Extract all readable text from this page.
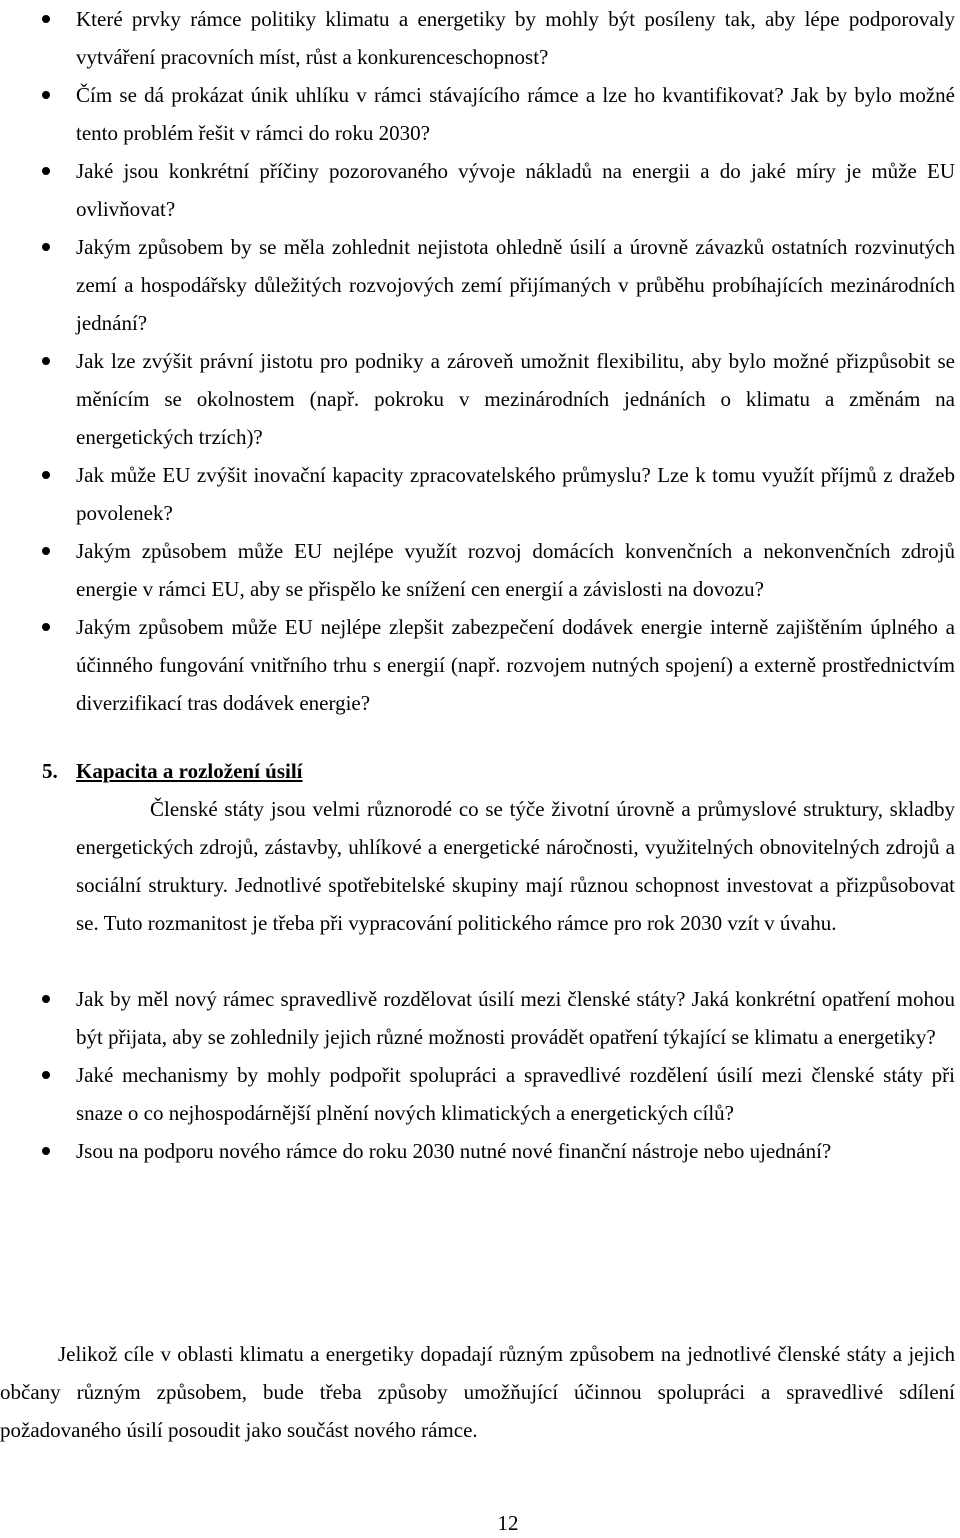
Které prvky rámce politiky klimatu a energetiky by mohly být posíleny tak, aby lépe podporovaly vytváření pracovních míst, růst a konkurenceschopnost?
Čím se dá prokázat únik uhlíku v rámci stávajícího rámce a lze ho kvantifikovat? Jak by bylo možné tento problém řešit v rámci do roku 2030?
Jaké jsou konkrétní příčiny pozorovaného vývoje nákladů na energii a do jaké míry je může EU ovlivňovat?
Jakým způsobem by se měla zohlednit nejistota ohledně úsilí a úrovně závazků ostatních rozvinutých zemí a hospodářsky důležitých rozvojových zemí přijímaných v průběhu probíhajících mezinárodních jednání?
Jak lze zvýšit právní jistotu pro podniky a zároveň umožnit flexibilitu, aby bylo možné přizpůsobit se měnícím se okolnostem (např. pokroku v mezinárodních jednáních o klimatu a změnám na energetických trzích)?
Jak může EU zvýšit inovační kapacity zpracovatelského průmyslu? Lze k tomu využít příjmů z dražeb povolenek?
Jakým způsobem může EU nejlépe využít rozvoj domácích konvenčních a nekonvenčních zdrojů energie v rámci EU, aby se přispělo ke snížení cen energií a závislosti na dovozu?
Jakým způsobem může EU nejlépe zlepšit zabezpečení dodávek energie interně zajištěním úplného a účinného fungování vnitřního trhu s energií (např. rozvojem nutných spojení) a externě prostřednictvím diverzifikací tras dodávek energie?
5. Kapacita a rozložení úsilí

Členské státy jsou velmi různorodé co se týče životní úrovně a průmyslové struktury, skladby energetických zdrojů, zástavby, uhlíkové a energetické náročnosti, využitelných obnovitelných zdrojů a sociální struktury. Jednotlivé spotřebitelské skupiny mají různou schopnost investovat a přizpůsobovat se. Tuto rozmanitost je třeba při vypracování politického rámce pro rok 2030 vzít v úvahu.

Jak by měl nový rámec spravedlivě rozdělovat úsilí mezi členské státy? Jaká konkrétní opatření mohou být přijata, aby se zohlednily jejich různé možnosti provádět opatření týkající se klimatu a energetiky?
Jaké mechanismy by mohly podpořit spolupráci a spravedlivé rozdělení úsilí mezi členské státy při snaze o co nejhospodárnější plnění nových klimatických a energetických cílů?
Jsou na podporu nového rámce do roku 2030 nutné nové finanční nástroje nebo ujednání?

Jelikož cíle v oblasti klimatu a energetiky dopadají různým způsobem na jednotlivé členské státy a jejich občany různým způsobem, bude třeba způsoby umožňující účinnou spolupráci a spravedlivé sdílení požadovaného úsilí posoudit jako součást nového rámce.

12
